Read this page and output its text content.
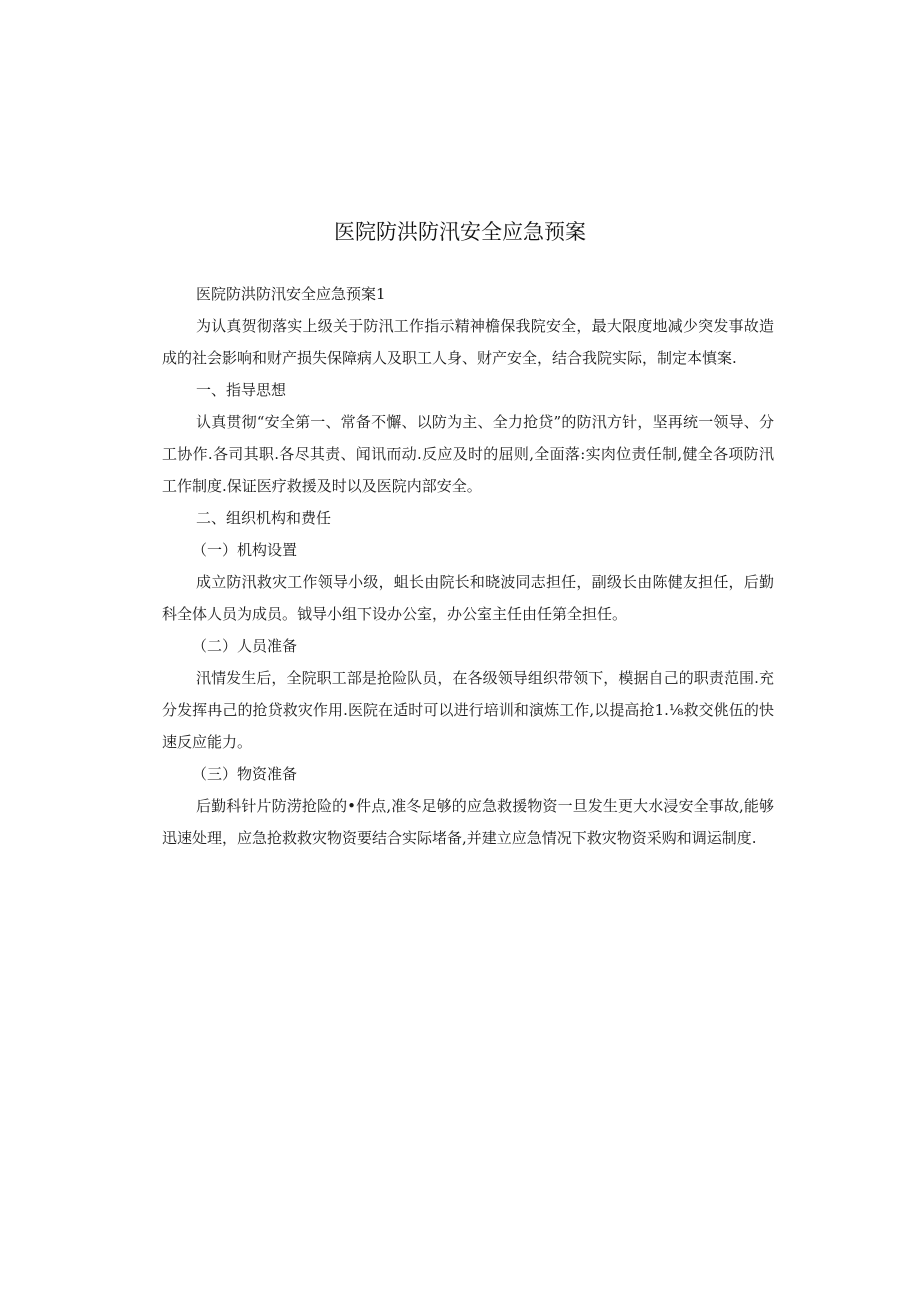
医院防洪防汛安全应急预案

医院防洪防汛安全应急预案1

为认真贺彻落实上级关于防汛工作指示精神檐保我院安全，最大限度地减少突发事故造成的社会影响和财产损失保障病人及职工人身、财产安全，结合我院实际，制定本慎案.

一、指导思想

认真贯彻“安全第一、常备不懈、以防为主、全力抢贷”的防汛方针，坚再统一领导、分工协作.各司其职.各尽其责、闻讯而动.反应及时的屈则,全面落:实肉位责任制,健全各项防汛工作制度.保证医疗救援及时以及医院内部安全。

二、组织机构和费任

（一）机构设置

成立防汛救灾工作领导小级，蛆长由院长和晓波同志担任，副级长由陈健友担任，后勤科全体人员为成员。钺导小组下设办公室，办公室主任由任第全担任。

（二）人员准备

汛情发生后，全院职工部是抢险队员，在各级领导组织带领下，模据自己的职责范围.充分发挥冉己的抢贷救灾作用.医院在适时可以进行培训和演炼工作,以提高抢1.⅛救交佻伍的快速反应能力。

（三）物资准备

后勤科针片防涝抢险的•件点,准冬足够的应急救援物资一旦发生更大水浸安全事故,能够迅速处理，应急抢救救灾物资要结合实际堵备,并建立应急情况下救灾物资采购和调运制度.
